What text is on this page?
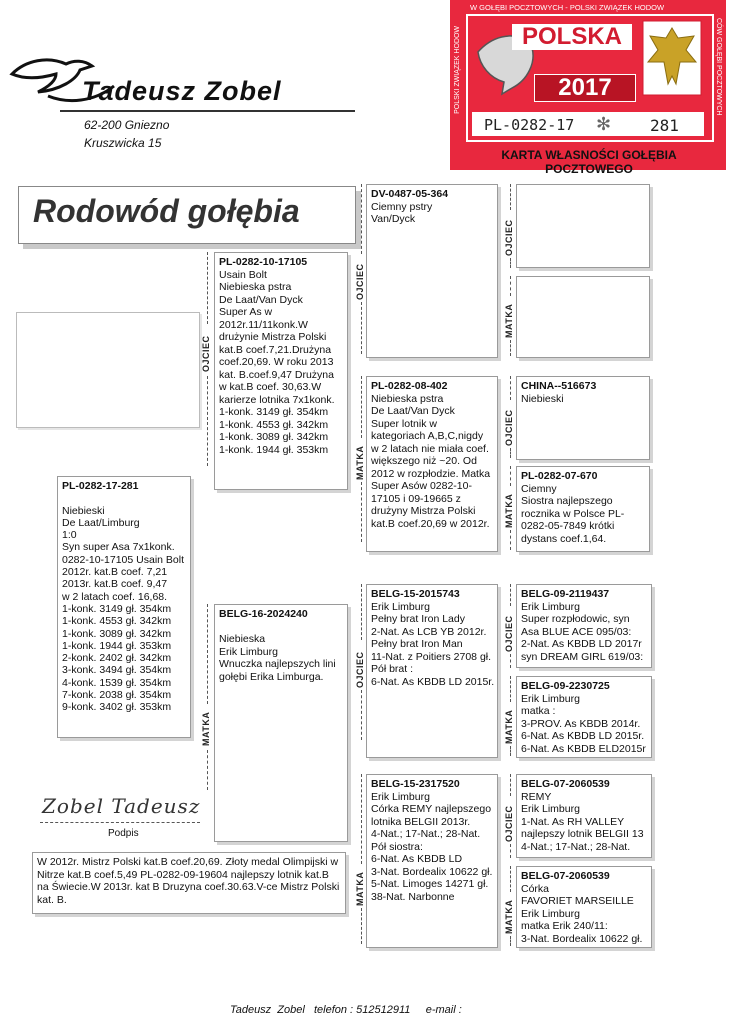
Tadeusz Zobel
62-200 Gniezno
Kruszwicka 15
W GOŁĘBI POCZTOWYCH - POLSKI ZWIĄZEK HODOW
POLSKI ZWIĄZEK HODOW	CÓW GOŁĘBI POCZTOWYCH
POLSKA
2017
PL-0282-17 ✻ 281
KARTA WŁASNOŚCI GOŁĘBIA POCZTOWEGO
Rodowód gołębia
PL-0282-17-281
Niebieski
De Laat/Limburg
1:0
Syn super Asa 7x1konk.
0282-10-17105 Usain Bolt
2012r. kat.B coef. 7,21
2013r. kat.B coef. 9,47
w 2 latach coef. 16,68.
1-konk. 3149 gł. 354km
1-konk. 4553 gł. 342km
1-konk. 3089 gł. 342km
1-konk. 1944 gł. 353km
2-konk. 2402 gł. 342km
3-konk. 3494 gł. 354km
4-konk. 1539 gł. 354km
7-konk. 2038 gł. 354km
9-konk. 3402 gł. 353km
OJCIEC
MATKA
PL-0282-10-17105
Usain Bolt
Niebieska pstra
De Laat/Van Dyck
Super As w 2012r.11/11konk.W drużynie Mistrza Polski kat.B coef.7,21.Drużyna coef.20,69. W roku 2013 kat. B.coef.9,47 Drużyna w kat.B coef. 30,63.W karierze lotnika 7x1konk.
1-konk. 3149 gł. 354km
1-konk. 4553 gł. 342km
1-konk. 3089 gł. 342km
1-konk. 1944 gł. 353km
BELG-16-2024240
Niebieska
Erik Limburg
Wnuczka najlepszych lini gołębi Erika Limburga.
OJCIEC
MATKA
OJCIEC
MATKA
DV-0487-05-364
Ciemny pstry
Van/Dyck
PL-0282-08-402
Niebieska pstra
De Laat/Van Dyck
Super lotnik w kategoriach A,B,C,nigdy w 2 latach nie miała coef. większego niż ~20. Od 2012 w rozpłodzie. Matka Super Asów 0282-10-17105 i 09-19665 z drużyny Mistrza Polski kat.B coef.20,69 w 2012r.
BELG-15-2015743
Erik Limburg
Pełny brat Iron Lady
2-Nat. As LCB YB 2012r.
Pełny brat Iron Man
11-Nat. z Poitiers 2708 gł.
Pół brat :
6-Nat. As KBDB LD 2015r.
BELG-15-2317520
Erik Limburg
Córka REMY najlepszego lotnika BELGII 2013r.
4-Nat.; 17-Nat.; 28-Nat.
Pół siostra:
6-Nat. As KBDB LD
3-Nat. Bordealix 10622 gł.
5-Nat. Limoges 14271 gł.
38-Nat. Narbonne
OJCIEC
MATKA
OJCIEC
MATKA
OJCIEC
MATKA
OJCIEC
MATKA
CHINA--516673
Niebieski
PL-0282-07-670
Ciemny
Siostra najlepszego rocznika w Polsce PL-0282-05-7849 krótki dystans coef.1,64.
BELG-09-2119437
Erik Limburg
Super rozpłodowic, syn
Asa BLUE ACE 095/03:
2-Nat. As KBDB LD 2017r
syn DREAM GIRL 619/03:
BELG-09-2230725
Erik Limburg
matka :
3-PROV. As KBDB 2014r.
6-Nat. As KBDB LD 2015r.
6-Nat. As KBDB ELD2015r
BELG-07-2060539
REMY
Erik Limburg
1-Nat. As RH VALLEY
najlepszy lotnik BELGII 13
4-Nat.; 17-Nat.; 28-Nat.
BELG-07-2060539
Córka
FAVORIET MARSEILLE
Erik Limburg
matka Erik 240/11:
3-Nat. Bordealix 10622 gł.
Zobel Tadeusz
Podpis
W 2012r. Mistrz Polski kat.B coef.20,69. Złoty medal Olimpijski w Nitrze kat.B coef.5,49 PL-0282-09-19604 najlepszy lotnik kat.B na Świecie.W 2013r. kat B Druzyna coef.30.63.V-ce Mistrz Polski kat. B.
Tadeusz  Zobel   telefon : 512512911     e-mail :
